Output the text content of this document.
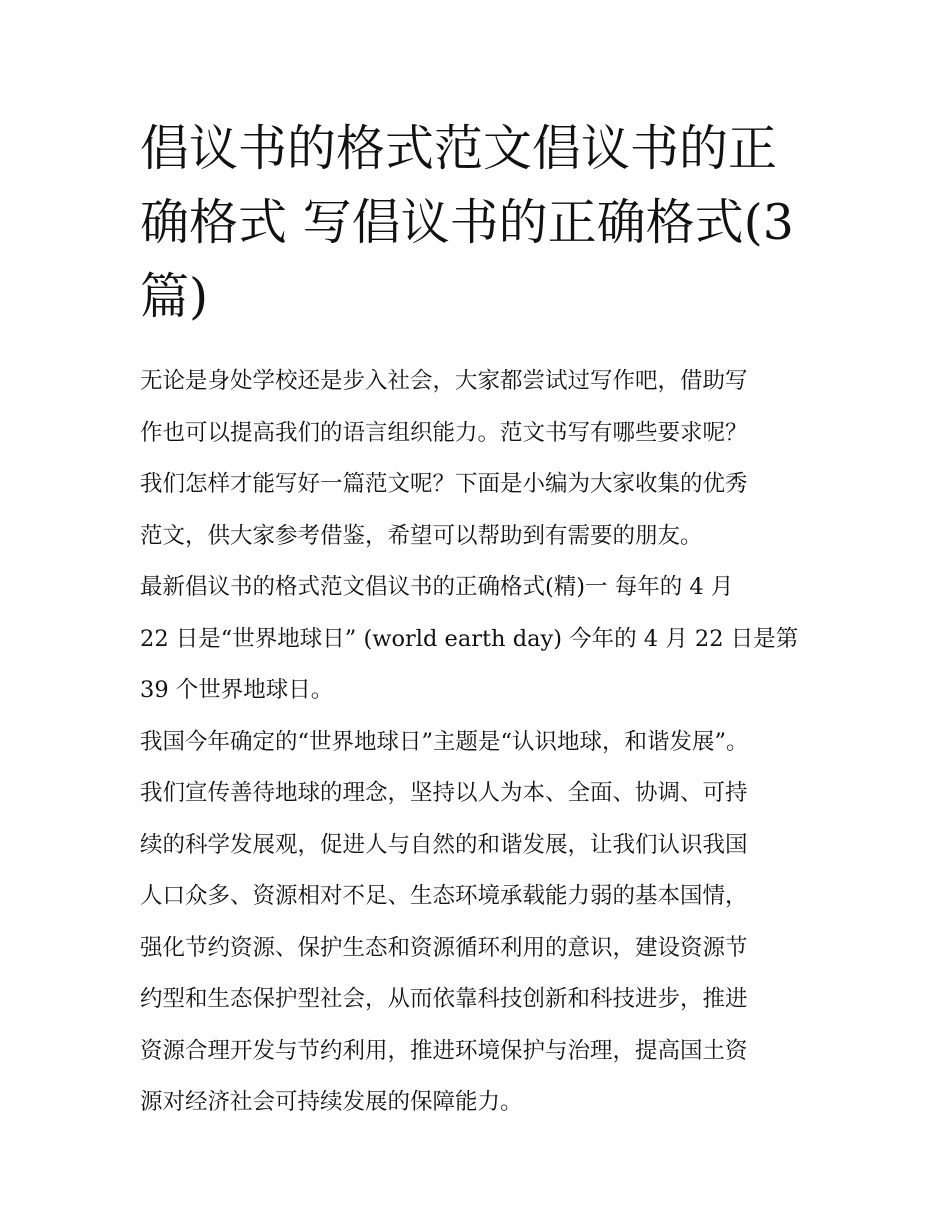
倡议书的格式范文倡议书的正
确格式 写倡议书的正确格式(3
篇)

无论是身处学校还是步入社会，大家都尝试过写作吧，借助写
作也可以提高我们的语言组织能力。范文书写有哪些要求呢？
我们怎样才能写好一篇范文呢？下面是小编为大家收集的优秀
范文，供大家参考借鉴，希望可以帮助到有需要的朋友。

最新倡议书的格式范文倡议书的正确格式(精)一 每年的 4 月
22 日是“世界地球日” (world earth day) 今年的 4 月 22 日是第
39 个世界地球日。

我国今年确定的“世界地球日”主题是“认识地球，和谐发展”。
我们宣传善待地球的理念，坚持以人为本、全面、协调、可持
续的科学发展观，促进人与自然的和谐发展，让我们认识我国
人口众多、资源相对不足、生态环境承载能力弱的基本国情，
强化节约资源、保护生态和资源循环利用的意识，建设资源节
约型和生态保护型社会，从而依靠科技创新和科技进步，推进
资源合理开发与节约利用，推进环境保护与治理，提高国土资
源对经济社会可持续发展的保障能力。
